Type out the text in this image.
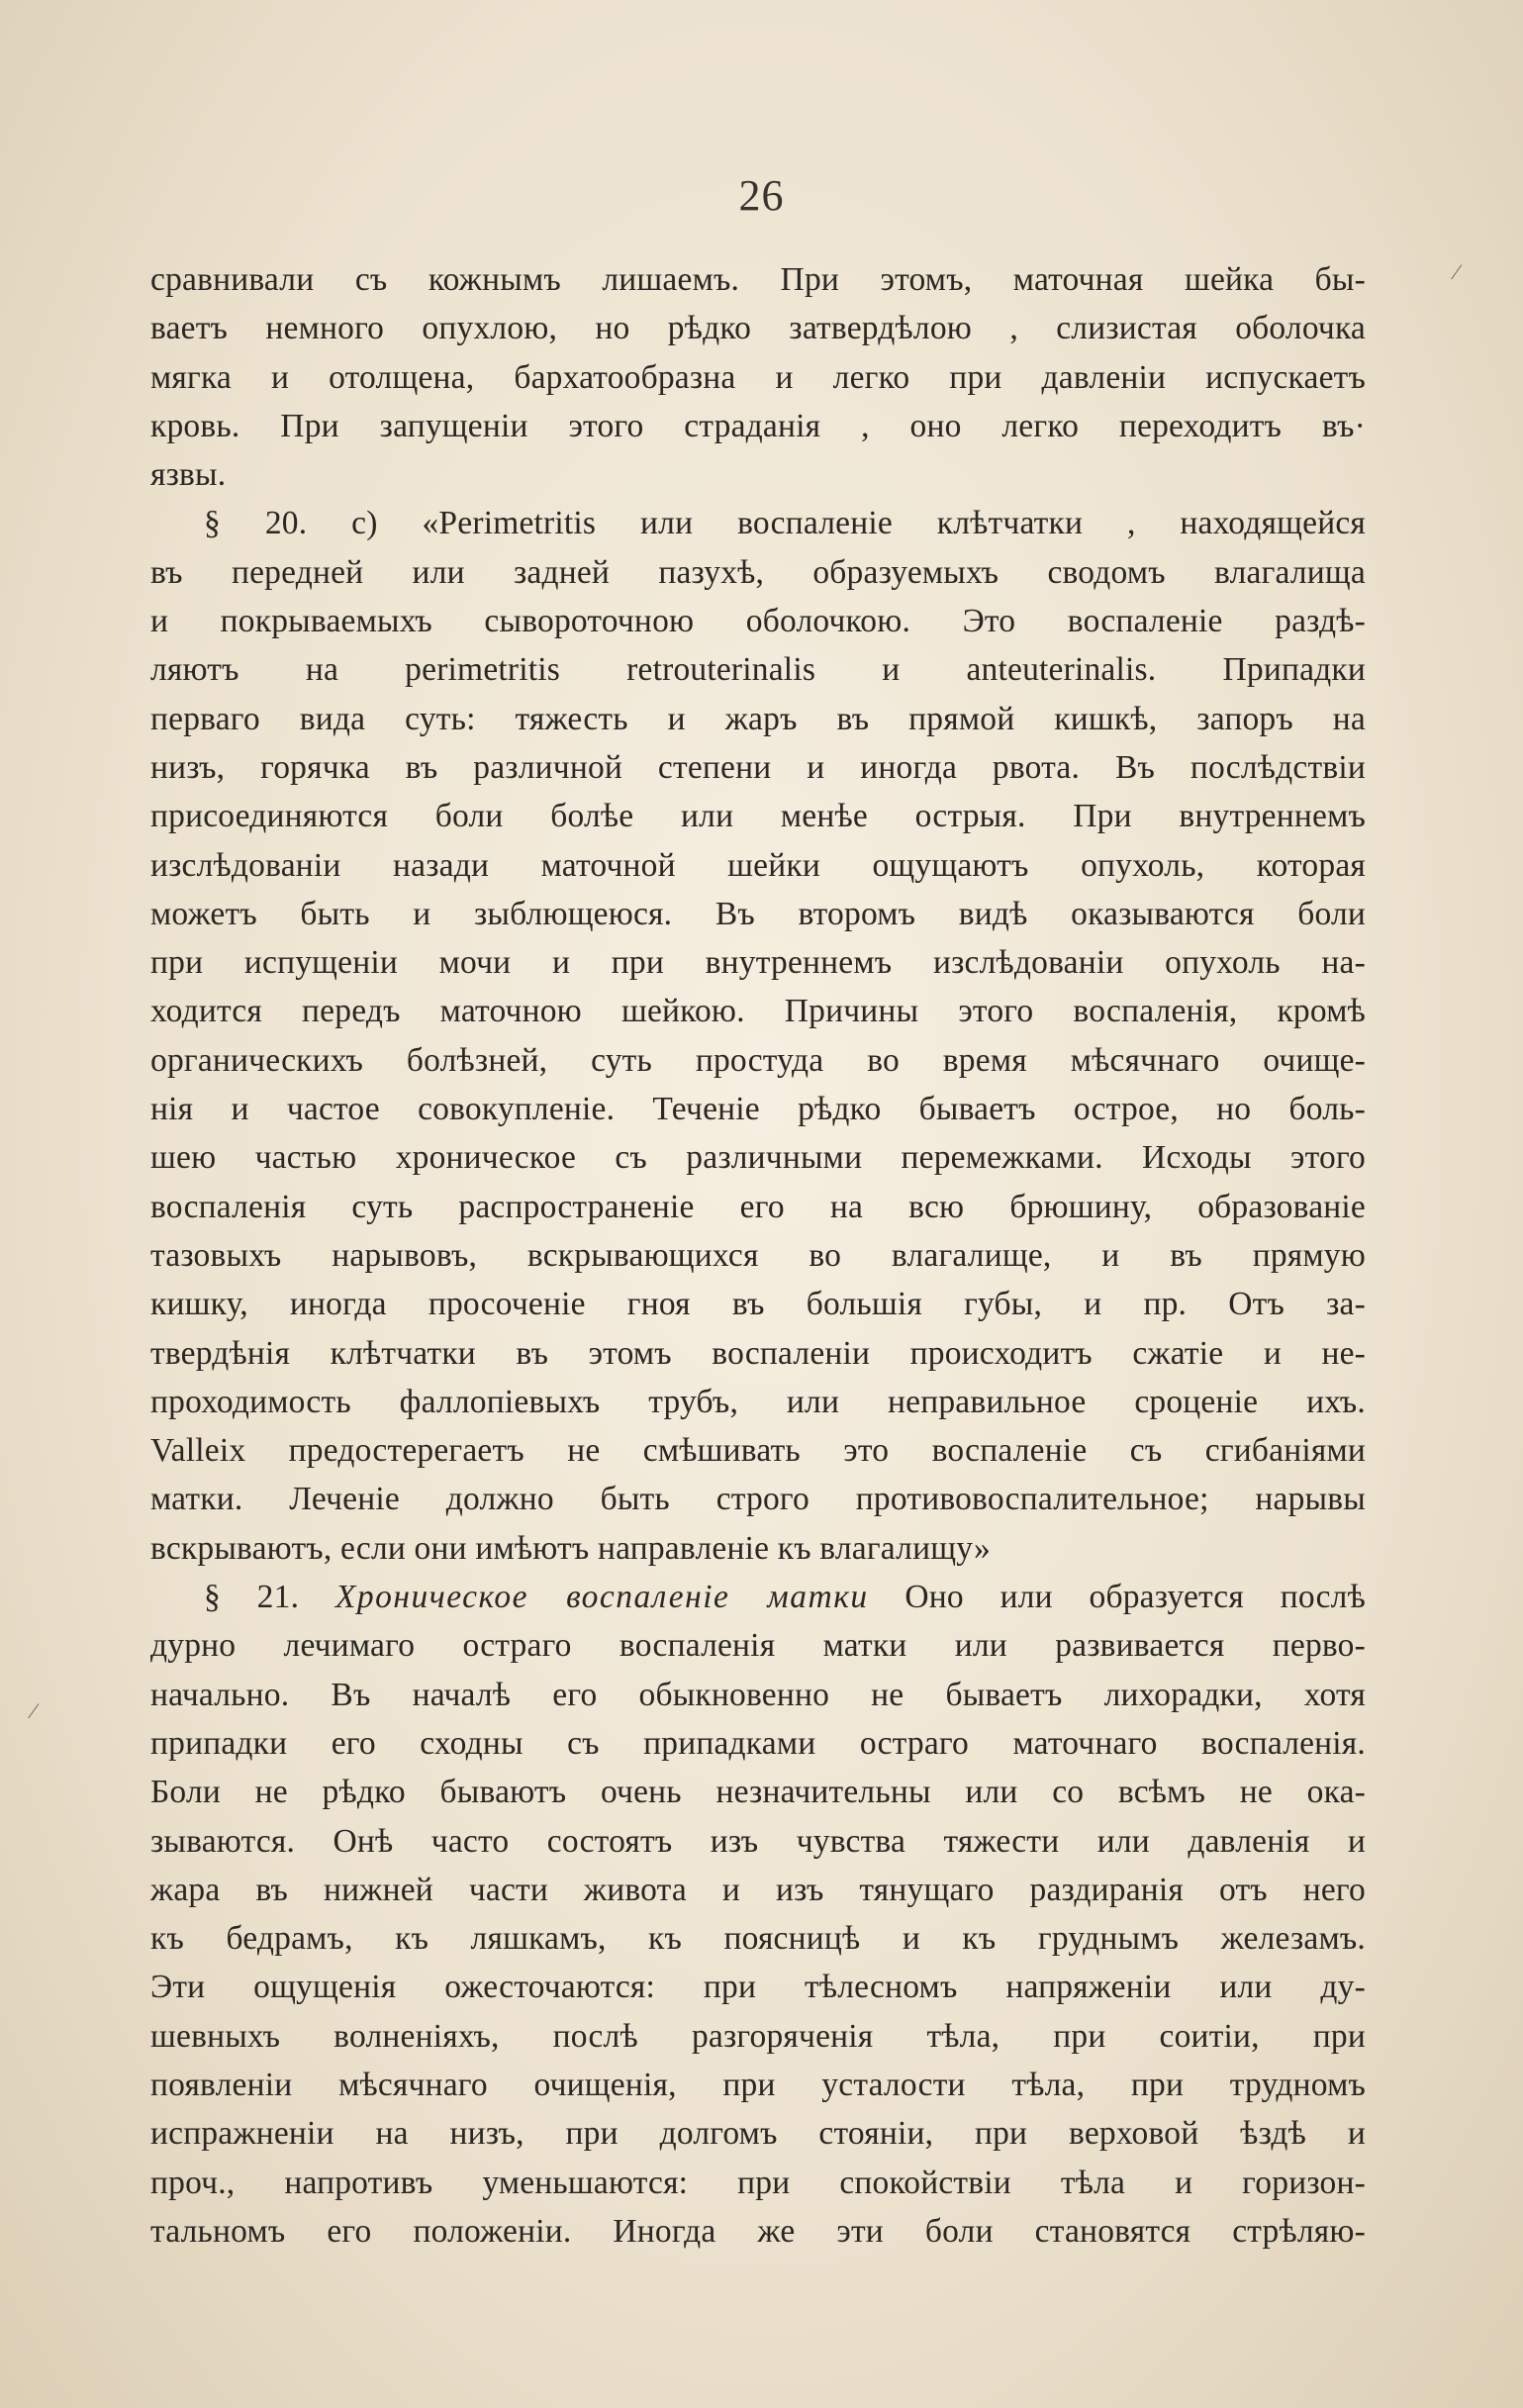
26
сравнивали съ кожнымъ лишаемъ. При этомъ, маточная шейка бы-
ваетъ немного опухлою, но рѣдко затвердѣлою , слизистая оболочка
мягка и отолщена, бархатообразна и легко при давленіи испускаетъ
кровь. При запущеніи этого страданія , оно легко переходитъ въ·
язвы.
§ 20. с) «Perimetritis или воспаленіе клѣтчатки , находящейся
въ передней или задней пазухѣ, образуемыхъ сводомъ влагалища
и покрываемыхъ сывороточною оболочкою. Это воспаленіе раздѣ-
ляютъ на perimetritis retrouterinalis и anteuterinalis. Припадки
перваго вида суть: тяжесть и жаръ въ прямой кишкѣ, запоръ на
низъ, горячка въ различной степени и иногда рвота. Въ послѣдствіи
присоединяются боли болѣе или менѣе острыя. При внутреннемъ
изслѣдованіи назади маточной шейки ощущаютъ опухоль, которая
можетъ быть и зыблющеюся. Въ второмъ видѣ оказываются боли
при испущеніи мочи и при внутреннемъ изслѣдованіи опухоль на-
ходится передъ маточною шейкою. Причины этого воспаленія, кромѣ
органическихъ болѣзней, суть простуда во время мѣсячнаго очище-
нія и частое совокупленіе. Теченіе рѣдко бываетъ острое, но боль-
шею частью хроническое съ различными перемежками. Исходы этого
воспаленія суть распространеніе его на всю брюшину, образованіе
тазовыхъ нарывовъ, вскрывающихся во влагалище, и въ прямую
кишку, иногда просоченіе гноя въ большія губы, и пр. Отъ за-
твердѣнія клѣтчатки въ этомъ воспаленіи происходитъ сжатіе и не-
проходимость фаллопіевыхъ трубъ, или неправильное сроценіе ихъ.
Valleix предостерегаетъ не смѣшивать это воспаленіе съ сгибаніями
матки. Леченіе должно быть строго противовоспалительное; нарывы
вскрываютъ, если они имѣютъ направленіе къ влагалищу»
§ 21. Хроническое воспаленіе матки Оно или образуется послѣ
дурно лечимаго остраго воспаленія матки или развивается перво-
начально. Въ началѣ его обыкновенно не бываетъ лихорадки, хотя
припадки его сходны съ припадками остраго маточнаго воспаленія.
Боли не рѣдко бываютъ очень незначительны или со всѣмъ не ока-
зываются. Онѣ часто состоятъ изъ чувства тяжести или давленія и
жара въ нижней части живота и изъ тянущаго раздиранія отъ него
къ бедрамъ, къ ляшкамъ, къ поясницѣ и къ груднымъ железамъ.
Эти ощущенія ожесточаются: при тѣлесномъ напряженіи или ду-
шевныхъ волненіяхъ, послѣ разгоряченія тѣла, при соитіи, при
появленіи мѣсячнаго очищенія, при усталости тѣла, при трудномъ
испражненіи на низъ, при долгомъ стояніи, при верховой ѣздѣ и
проч., напротивъ уменьшаются: при спокойствіи тѣла и горизон-
тальномъ его положеніи. Иногда же эти боли становятся стрѣляю-
⁄
⁄
